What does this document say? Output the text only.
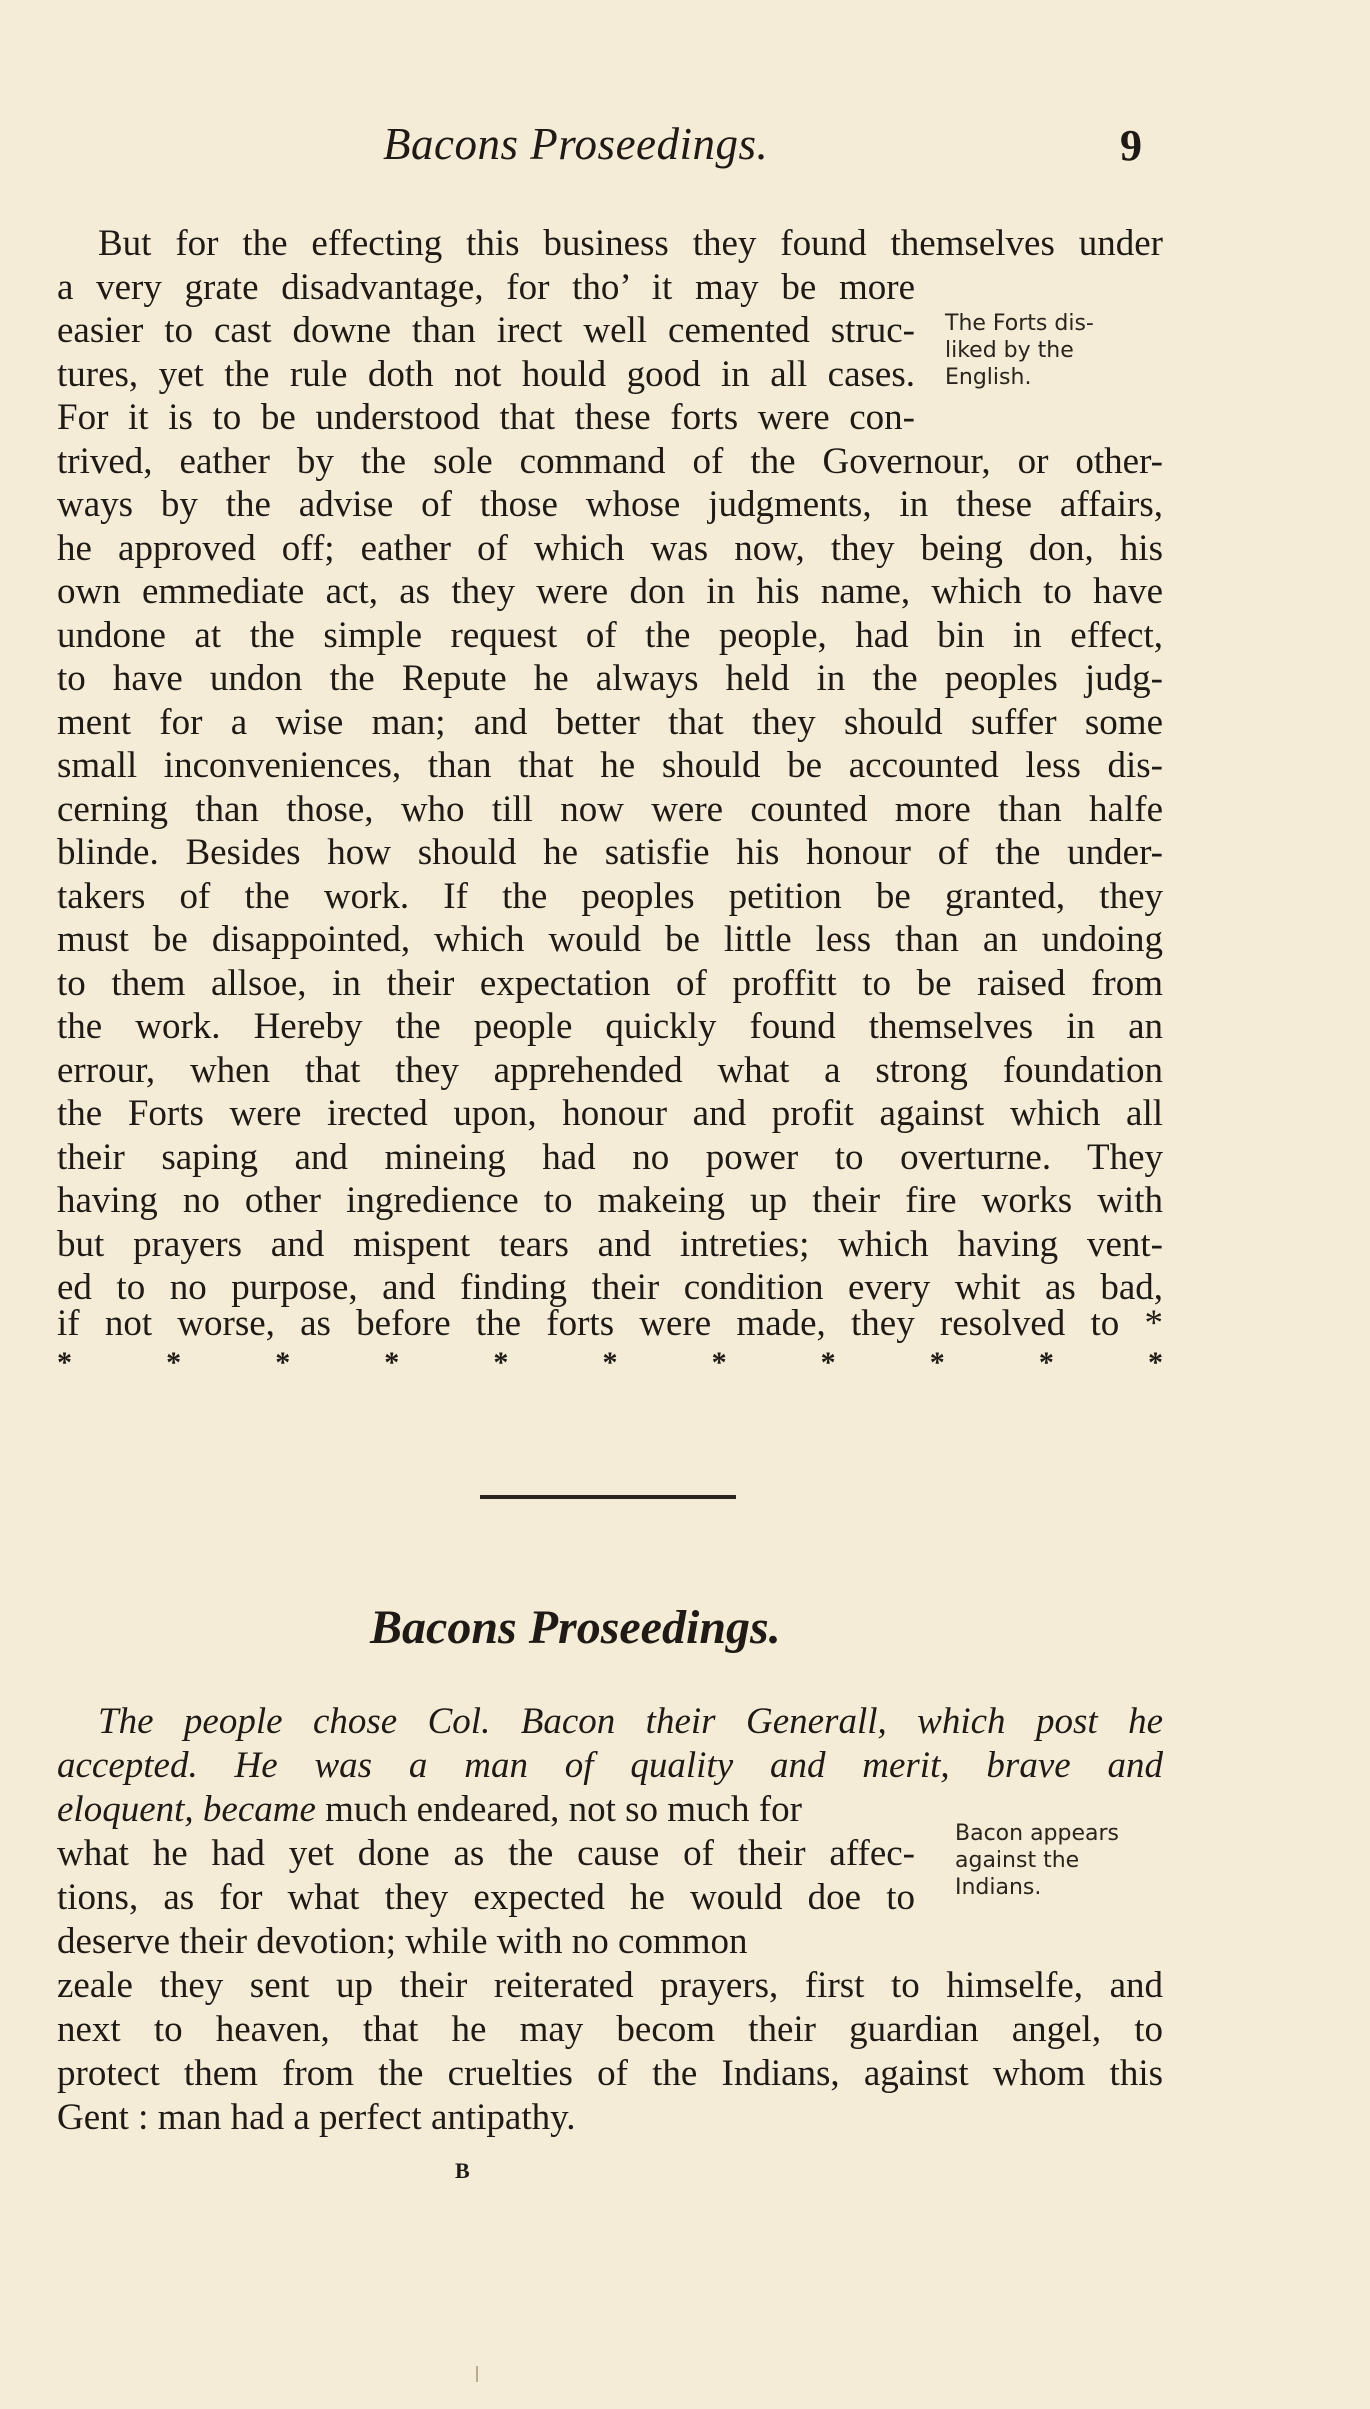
Bacons Proseedings.	9
But for the effecting this business they found themselves under
a very grate disadvantage, for tho’ it may be more
easier to cast downe than irect well cemented struc-
tures, yet the rule doth not hould good in all cases.
For it is to be understood that these forts were con-
trived, eather by the sole command of the Governour, or other-
ways by the advise of those whose judgments, in these affairs,
he approved off; eather of which was now, they being don, his
own emmediate act, as they were don in his name, which to have
undone at the simple request of the people, had bin in effect,
to have undon the Repute he always held in the peoples judg-
ment for a wise man; and better that they should suffer some
small inconveniences, than that he should be accounted less dis-
cerning than those, who till now were counted more than halfe
blinde. Besides how should he satisfie his honour of the under-
takers of the work. If the peoples petition be granted, they
must be disappointed, which would be little less than an undoing
to them allsoe, in their expectation of proffitt to be raised from
the work. Hereby the people quickly found themselves in an
errour, when that they apprehended what a strong foundation
the Forts were irected upon, honour and profit against which all
their saping and mineing had no power to overturne. They
having no other ingredience to makeing up their fire works with
but prayers and mispent tears and intreties; which having vent-
ed to no purpose, and finding their condition every whit as bad,
if not worse, as before the forts were made, they resolved to *
The Forts dis-
liked by the
English.
*	*	*	*	*	*	*	*	*	*	*
Bacons Proseedings.
The people chose Col. Bacon their Generall, which post he
accepted. He was a man of quality and merit, brave and
eloquent, became much endeared, not so much for
what he had yet done as the cause of their affec-
tions, as for what they expected he would doe to
deserve their devotion; while with no common
zeale they sent up their reiterated prayers, first to himselfe, and
next to heaven, that he may becom their guardian angel, to
protect them from the cruelties of the Indians, against whom this
Gent : man had a perfect antipathy.
Bacon appears
against the
Indians.
B
